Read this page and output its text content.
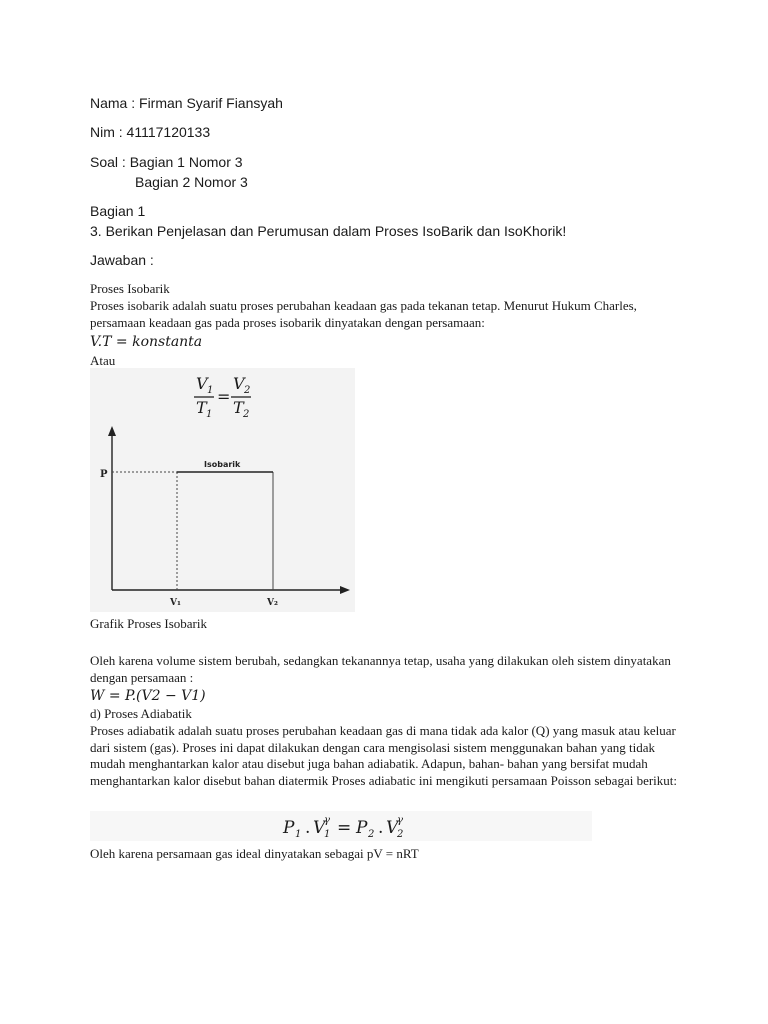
Nama : Firman Syarif Fiansyah
Nim : 41117120133
Soal : Bagian 1 Nomor 3
Bagian 2 Nomor 3
Bagian 1
3. Berikan Penjelasan dan Perumusan dalam Proses IsoBarik dan IsoKhorik!
Jawaban :
Proses Isobarik
Proses isobarik adalah suatu proses perubahan keadaan gas pada tekanan tetap. Menurut Hukum Charles, persamaan keadaan gas pada proses isobarik dinyatakan dengan persamaan:
V.T = konstanta
Atau
V 1
T 1
=
V 2
T 2
P
Isobarik
V₁	V₂
Grafik Proses Isobarik
Oleh karena volume sistem berubah, sedangkan tekanannya tetap, usaha yang dilakukan oleh sistem dinyatakan dengan persamaan :
W = P.(V2 − V1)
d) Proses Adiabatik
Proses adiabatik adalah suatu proses perubahan keadaan gas di mana tidak ada kalor (Q) yang masuk atau keluar dari sistem (gas). Proses ini dapat dilakukan dengan cara mengisolasi sistem menggunakan bahan yang tidak mudah menghantarkan kalor atau disebut juga bahan adiabatik. Adapun, bahan- bahan yang bersifat mudah menghantarkan kalor disebut bahan diatermik Proses adiabatic ini mengikuti persamaan Poisson sebagai berikut:
P 1 . V
1
γ = P 2 . V
2
γ
Oleh karena persamaan gas ideal dinyatakan sebagai pV = nRT
